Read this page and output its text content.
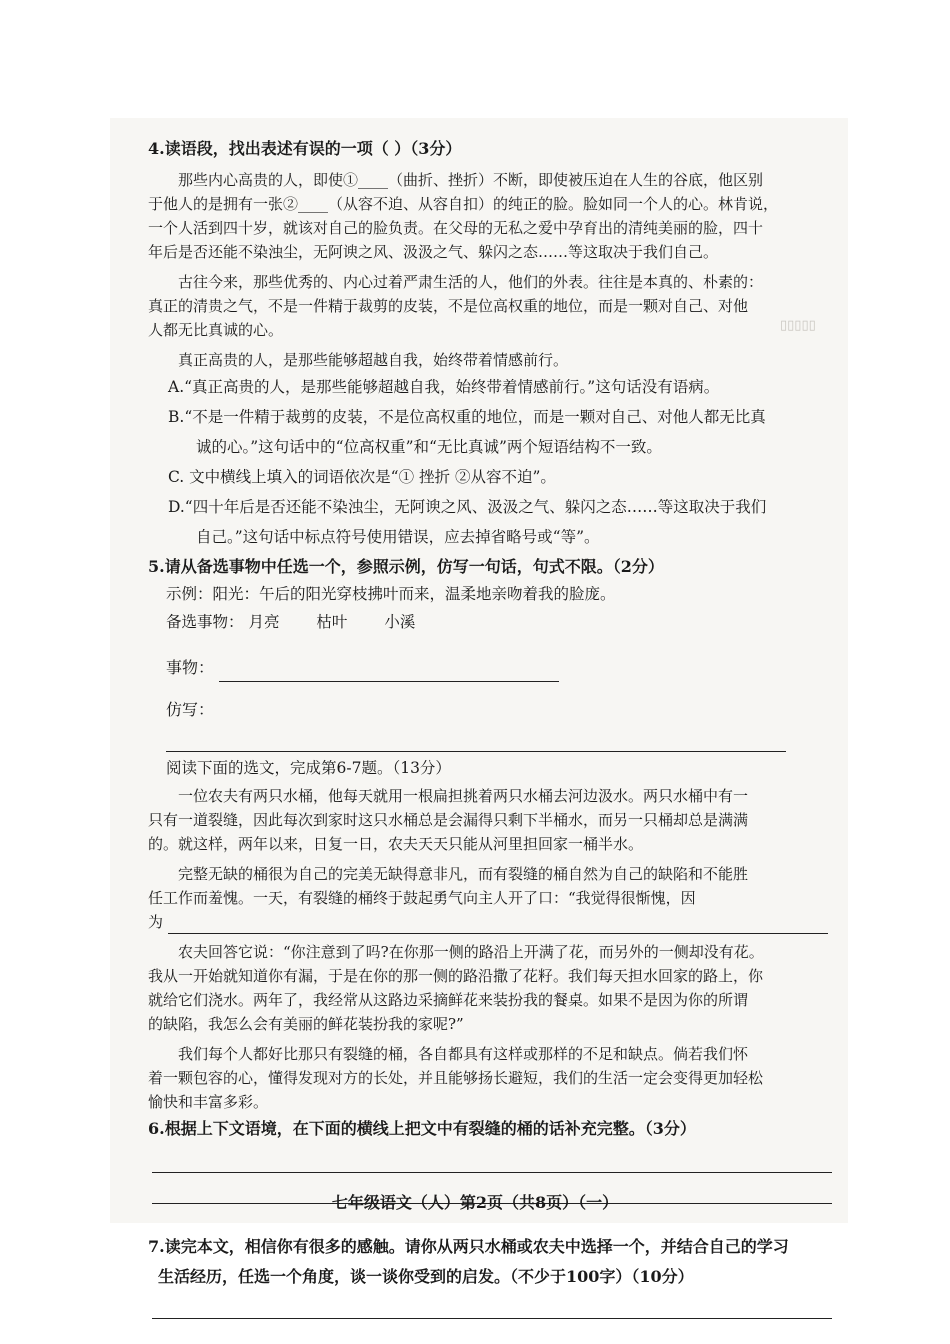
▯▯▯▯▯
4.读语段，找出表述有误的一项（ ）（3分）
那些内心高贵的人，即使①____（曲折、挫折）不断，即使被压迫在人生的谷底，他区别
于他人的是拥有一张②____（从容不迫、从容自扣）的纯正的脸。脸如同一个人的心。林肯说，
一个人活到四十岁，就该对自己的脸负责。在父母的无私之爱中孕育出的清纯美丽的脸，四十
年后是否还能不染浊尘，无阿谀之风、汲汲之气、躲闪之态……等这取决于我们自己。
古往今来，那些优秀的、内心过着严肃生活的人，他们的外表。往往是本真的、朴素的：
真正的清贵之气，不是一件精于裁剪的皮装，不是位高权重的地位，而是一颗对自己、对他
人都无比真诚的心。
真正高贵的人，是那些能够超越自我，始终带着情感前行。
A.“真正高贵的人，是那些能够超越自我，始终带着情感前行。”这句话没有语病。
B.“不是一件精于裁剪的皮装，不是位高权重的地位，而是一颗对自己、对他人都无比真
诚的心。”这句话中的“位高权重”和“无比真诚”两个短语结构不一致。
C. 文中横线上填入的词语依次是“① 挫折 ②从容不迫”。
D.“四十年后是否还能不染浊尘，无阿谀之风、汲汲之气、躲闪之态……等这取决于我们
自己。”这句话中标点符号使用错误，应去掉省略号或“等”。
5.请从备选事物中任选一个，参照示例，仿写一句话，句式不限。（2分）
示例：阳光：午后的阳光穿枝拂叶而来，温柔地亲吻着我的脸庞。
备选事物： 月亮 枯叶 小溪
事物：
仿写：
阅读下面的选文，完成第6-7题。（13分）
一位农夫有两只水桶，他每天就用一根扁担挑着两只水桶去河边汲水。两只水桶中有一
只有一道裂缝，因此每次到家时这只水桶总是会漏得只剩下半桶水，而另一只桶却总是满满
的。就这样，两年以来，日复一日，农夫天天只能从河里担回家一桶半水。
完整无缺的桶很为自己的完美无缺得意非凡，而有裂缝的桶自然为自己的缺陷和不能胜
任工作而羞愧。一天，有裂缝的桶终于鼓起勇气向主人开了口：“我觉得很惭愧，因
为
农夫回答它说：“你注意到了吗?在你那一侧的路沿上开满了花，而另外的一侧却没有花。
我从一开始就知道你有漏，于是在你的那一侧的路沿撒了花籽。我们每天担水回家的路上，你
就给它们浇水。两年了，我经常从这路边采摘鲜花来装扮我的餐桌。如果不是因为你的所谓
的缺陷，我怎么会有美丽的鲜花装扮我的家呢?”
我们每个人都好比那只有裂缝的桶，各自都具有这样或那样的不足和缺点。倘若我们怀
着一颗包容的心，懂得发现对方的长处，并且能够扬长避短，我们的生活一定会变得更加轻松
愉快和丰富多彩。
6.根据上下文语境，在下面的横线上把文中有裂缝的桶的话补充完整。（3分）
7.读完本文，相信你有很多的感触。请你从两只水桶或农夫中选择一个，并结合自己的学习
生活经历，任选一个角度，谈一谈你受到的启发。（不少于100字）（10分）
七年级语文（人）第2页（共8页）（一）
